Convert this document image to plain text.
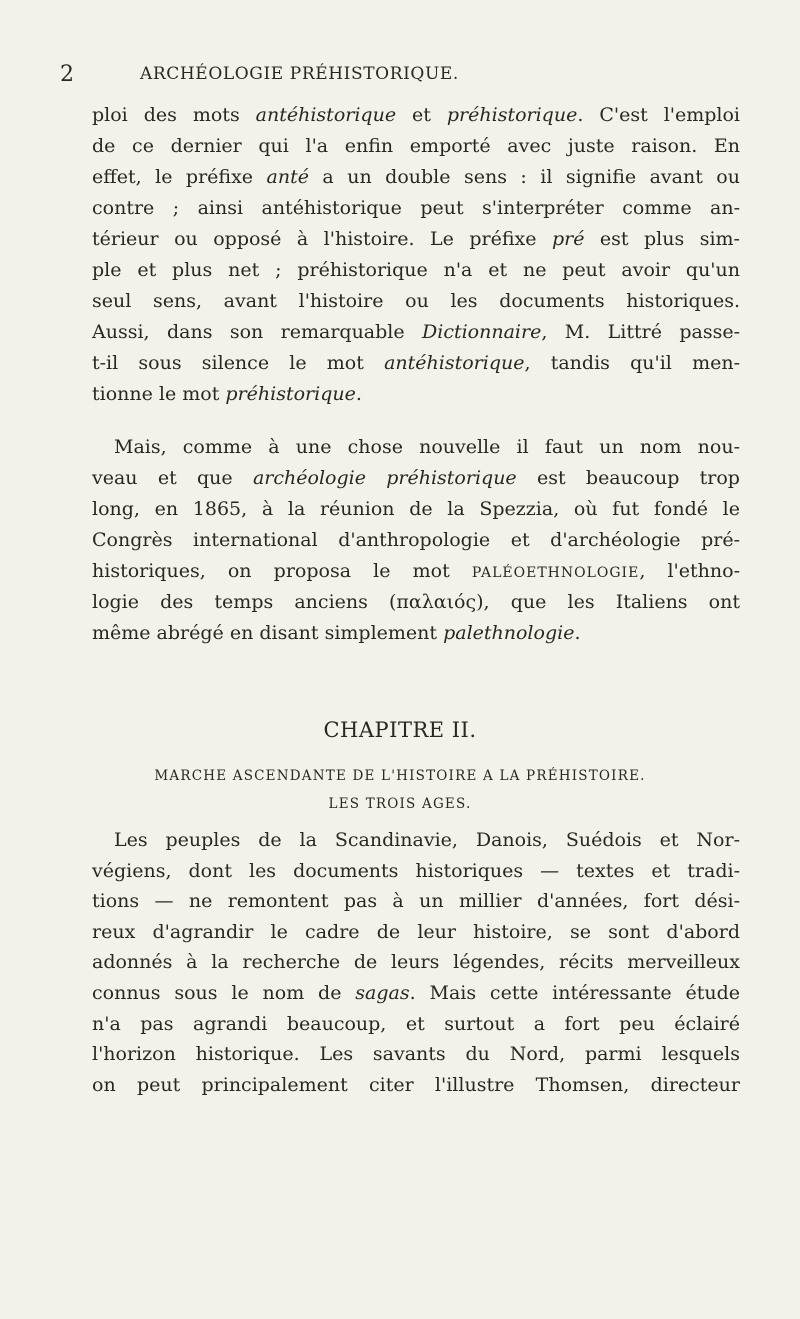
2	ARCHÉOLOGIE PRÉHISTORIQUE.
ploi des mots antéhistorique et préhistorique. C'est l'emploi
de ce dernier qui l'a enfin emporté avec juste raison. En
effet, le préfixe anté a un double sens : il signifie avant ou
contre ; ainsi antéhistorique peut s'interpréter comme an-
térieur ou opposé à l'histoire. Le préfixe pré est plus sim-
ple et plus net ; préhistorique n'a et ne peut avoir qu'un
seul sens, avant l'histoire ou les documents historiques.
Aussi, dans son remarquable Dictionnaire, M. Littré passe-
t-il sous silence le mot antéhistorique, tandis qu'il men-
tionne le mot préhistorique.
Mais, comme à une chose nouvelle il faut un nom nou-
veau et que archéologie préhistorique est beaucoup trop
long, en 1865, à la réunion de la Spezzia, où fut fondé le
Congrès international d'anthropologie et d'archéologie pré-
historiques, on proposa le mot PALÉOETHNOLOGIE, l'ethno-
logie des temps anciens (παλαιός), que les Italiens ont
même abrégé en disant simplement palethnologie.
CHAPITRE II.
MARCHE ASCENDANTE DE L'HISTOIRE A LA PRÉHISTOIRE.
LES TROIS AGES.
Les peuples de la Scandinavie, Danois, Suédois et Nor-
végiens, dont les documents historiques — textes et tradi-
tions — ne remontent pas à un millier d'années, fort dési-
reux d'agrandir le cadre de leur histoire, se sont d'abord
adonnés à la recherche de leurs légendes, récits merveilleux
connus sous le nom de sagas. Mais cette intéressante étude
n'a pas agrandi beaucoup, et surtout a fort peu éclairé
l'horizon historique. Les savants du Nord, parmi lesquels
on peut principalement citer l'illustre Thomsen, directeur
